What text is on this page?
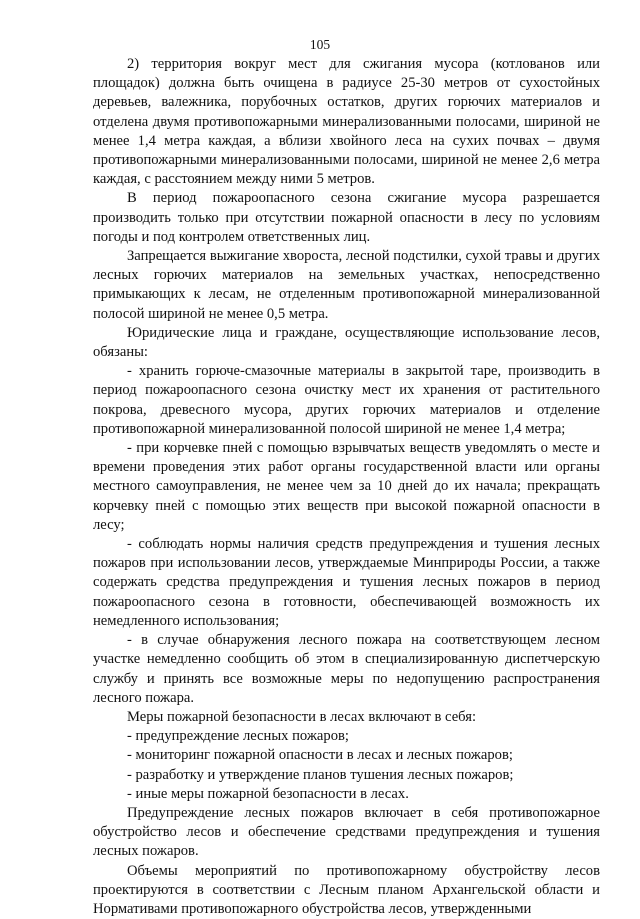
105

2) территория вокруг мест для сжигания мусора (котлованов или площадок) должна быть очищена в радиусе 25-30 метров от сухостойных деревьев, валежника, порубочных остатков, других горючих материалов и отделена двумя противопожарными минерализованными полосами, шириной не менее 1,4 метра каждая, а вблизи хвойного леса на сухих почвах – двумя противопожарными минерализованными полосами, шириной не менее 2,6 метра каждая, с расстоянием между ними 5 метров.

В период пожароопасного сезона сжигание мусора разрешается производить только при отсутствии пожарной опасности в лесу по условиям погоды и под контролем ответственных лиц.

Запрещается выжигание хвороста, лесной подстилки, сухой травы и других лесных горючих материалов на земельных участках, непосредственно примыкающих к лесам, не отделенным противопожарной минерализованной полосой шириной не менее 0,5 метра.

Юридические лица и граждане, осуществляющие использование лесов, обязаны:

- хранить горюче-смазочные материалы в закрытой таре, производить в период пожароопасного сезона очистку мест их хранения от растительного покрова, древесного мусора, других горючих материалов и отделение противопожарной минерализованной полосой шириной не менее 1,4 метра;

- при корчевке пней с помощью взрывчатых веществ уведомлять о месте и времени проведения этих работ органы государственной власти или органы местного самоуправления, не менее чем за 10 дней до их начала; прекращать корчевку пней с помощью этих веществ при высокой пожарной опасности в лесу;

- соблюдать нормы наличия средств предупреждения и тушения лесных пожаров при использовании лесов, утверждаемые Минприроды России, а также содержать средства предупреждения и тушения лесных пожаров в период пожароопасного сезона в готовности, обеспечивающей возможность их немедленного использования;

- в случае обнаружения лесного пожара на соответствующем лесном участке немедленно сообщить об этом в специализированную диспетчерскую службу и принять все возможные меры по недопущению распространения лесного пожара.

Меры пожарной безопасности в лесах включают в себя:

- предупреждение лесных пожаров;

- мониторинг пожарной опасности в лесах и лесных пожаров;

- разработку и утверждение планов тушения лесных пожаров;

- иные меры пожарной безопасности в лесах.

Предупреждение лесных пожаров включает в себя противопожарное обустройство лесов и обеспечение средствами предупреждения и тушения лесных пожаров.

Объемы мероприятий по противопожарному обустройству лесов проектируются в соответствии с Лесным планом Архангельской области и Нормативами противопожарного обустройства лесов, утвержденными
